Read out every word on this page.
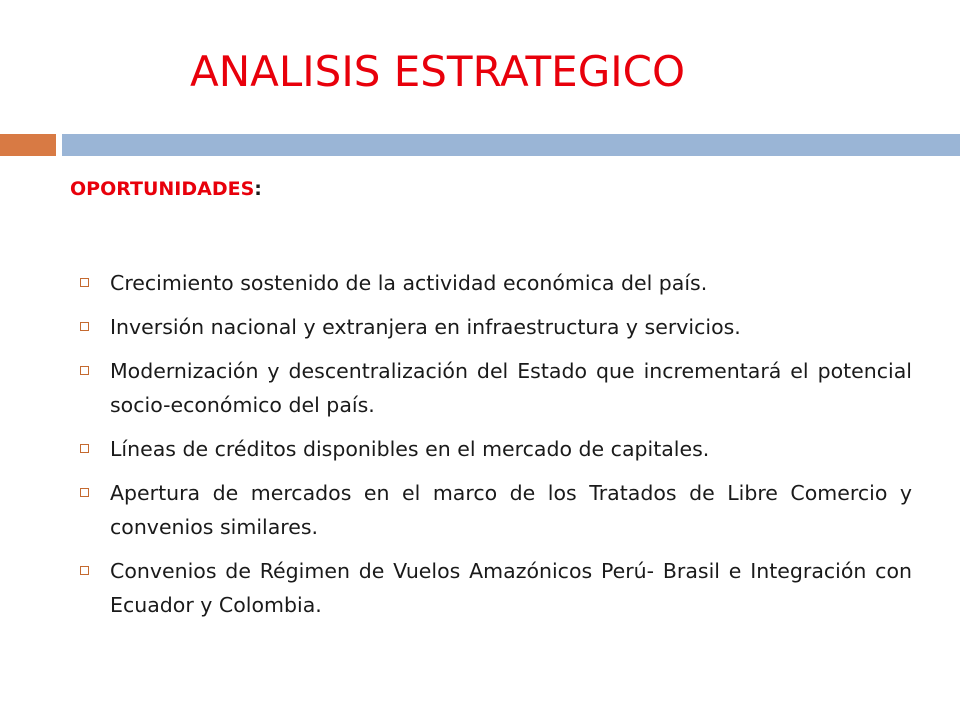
ANALISIS ESTRATEGICO
OPORTUNIDADES:
Crecimiento sostenido de la actividad económica del país.
Inversión nacional y extranjera en infraestructura y servicios.
Modernización y descentralización del Estado que incrementará el potencial socio-económico del país.
Líneas de créditos disponibles en el mercado de capitales.
Apertura de mercados en el marco de los Tratados de Libre Comercio y convenios similares.
Convenios de Régimen de Vuelos Amazónicos Perú- Brasil e Integración con Ecuador y Colombia.
